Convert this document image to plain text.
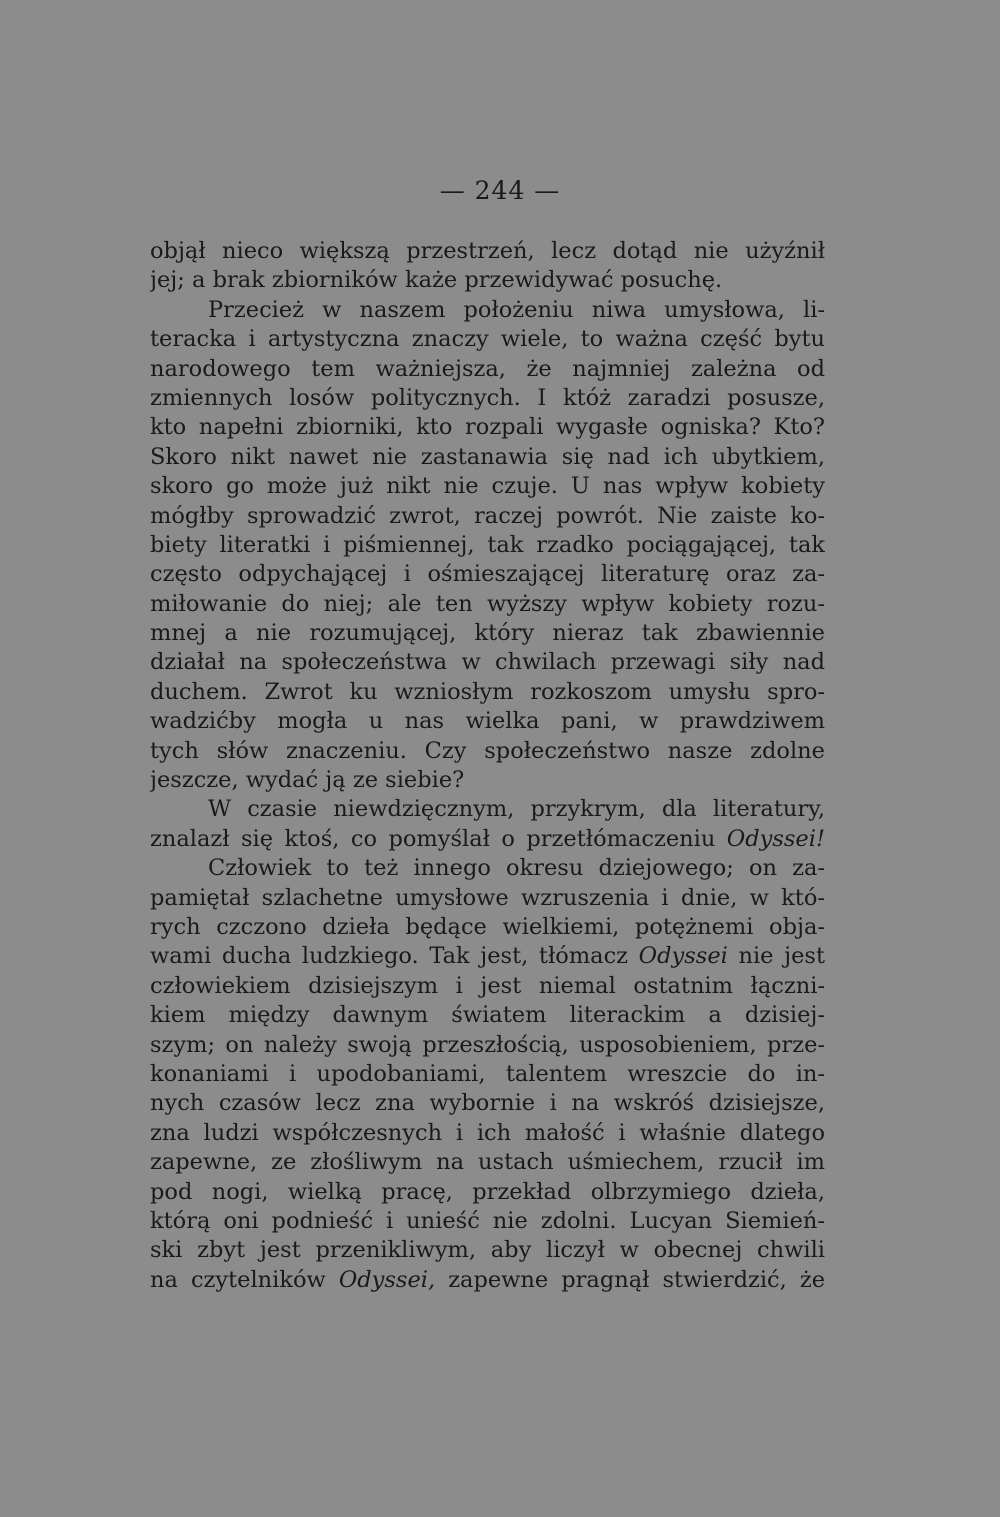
— 244 —
objął nieco większą przestrzeń, lecz dotąd nie użyźnił
jej; a brak zbiorników każe przewidywać posuchę.
Przecież w naszem położeniu niwa umysłowa, li-
teracka i artystyczna znaczy wiele, to ważna część bytu
narodowego tem ważniejsza, że najmniej zależna od
zmiennych losów politycznych. I któż zaradzi posusze,
kto napełni zbiorniki, kto rozpali wygasłe ogniska? Kto?
Skoro nikt nawet nie zastanawia się nad ich ubytkiem,
skoro go może już nikt nie czuje. U nas wpływ kobiety
mógłby sprowadzić zwrot, raczej powrót. Nie zaiste ko-
biety literatki i piśmiennej, tak rzadko pociągającej, tak
często odpychającej i ośmieszającej literaturę oraz za-
miłowanie do niej; ale ten wyższy wpływ kobiety rozu-
mnej a nie rozumującej, który nieraz tak zbawiennie
działał na społeczeństwa w chwilach przewagi siły nad
duchem. Zwrot ku wzniosłym rozkoszom umysłu spro-
wadzićby mogła u nas wielka pani, w prawdziwem
tych słów znaczeniu. Czy społeczeństwo nasze zdolne
jeszcze, wydać ją ze siebie?
W czasie niewdzięcznym, przykrym, dla literatury,
znalazł się ktoś, co pomyślał o przetłómaczeniu Odyssei!
Człowiek to też innego okresu dziejowego; on za-
pamiętał szlachetne umysłowe wzruszenia i dnie, w któ-
rych czczono dzieła będące wielkiemi, potężnemi obja-
wami ducha ludzkiego. Tak jest, tłómacz Odyssei nie jest
człowiekiem dzisiejszym i jest niemal ostatnim łączni-
kiem między dawnym światem literackim a dzisiej-
szym; on należy swoją przeszłością, usposobieniem, prze-
konaniami i upodobaniami, talentem wreszcie do in-
nych czasów lecz zna wybornie i na wskróś dzisiejsze,
zna ludzi współczesnych i ich małość i właśnie dlatego
zapewne, ze złośliwym na ustach uśmiechem, rzucił im
pod nogi, wielką pracę, przekład olbrzymiego dzieła,
którą oni podnieść i unieść nie zdolni. Lucyan Siemień-
ski zbyt jest przenikliwym, aby liczył w obecnej chwili
na czytelników Odyssei, zapewne pragnął stwierdzić, że
